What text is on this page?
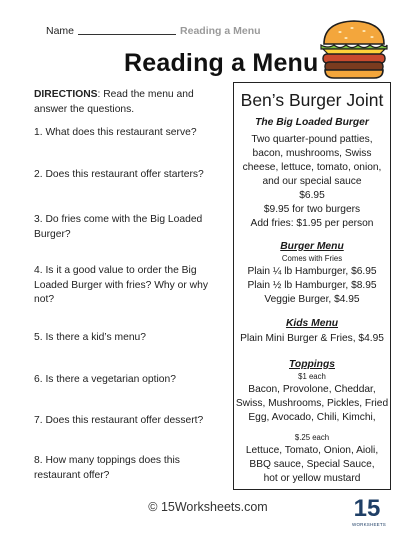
Name	Reading a Menu
Reading a Menu
DIRECTIONS: Read the menu and answer the questions.
1. What does this restaurant serve?
2. Does this restaurant offer starters?
3. Do fries come with the Big Loaded Burger?
4. Is it a good value to order the Big Loaded Burger with fries? Why or why not?
5. Is there a kid’s menu?
6. Is there a vegetarian option?
7. Does this restaurant offer dessert?
8. How many toppings does this restaurant offer?
Ben’s Burger Joint
The Big Loaded Burger
Two quarter-pound patties,
bacon, mushrooms, Swiss
cheese, lettuce, tomato, onion,
and our special sauce
$6.95
$9.95 for two burgers
Add fries: $1.95 per person
Burger Menu
Comes with Fries
Plain ¼ lb Hamburger, $6.95
Plain ½ lb Hamburger, $8.95
Veggie Burger, $4.95
Kids Menu
Plain Mini Burger & Fries, $4.95
Toppings
$1 each
Bacon, Provolone, Cheddar,
Swiss, Mushrooms, Pickles, Fried
Egg, Avocado, Chili, Kimchi,
$.25 each
Lettuce, Tomato, Onion, Aioli,
BBQ sauce, Special Sauce,
hot or yellow mustard
© 15Worksheets.com	15
WORKSHEETS
